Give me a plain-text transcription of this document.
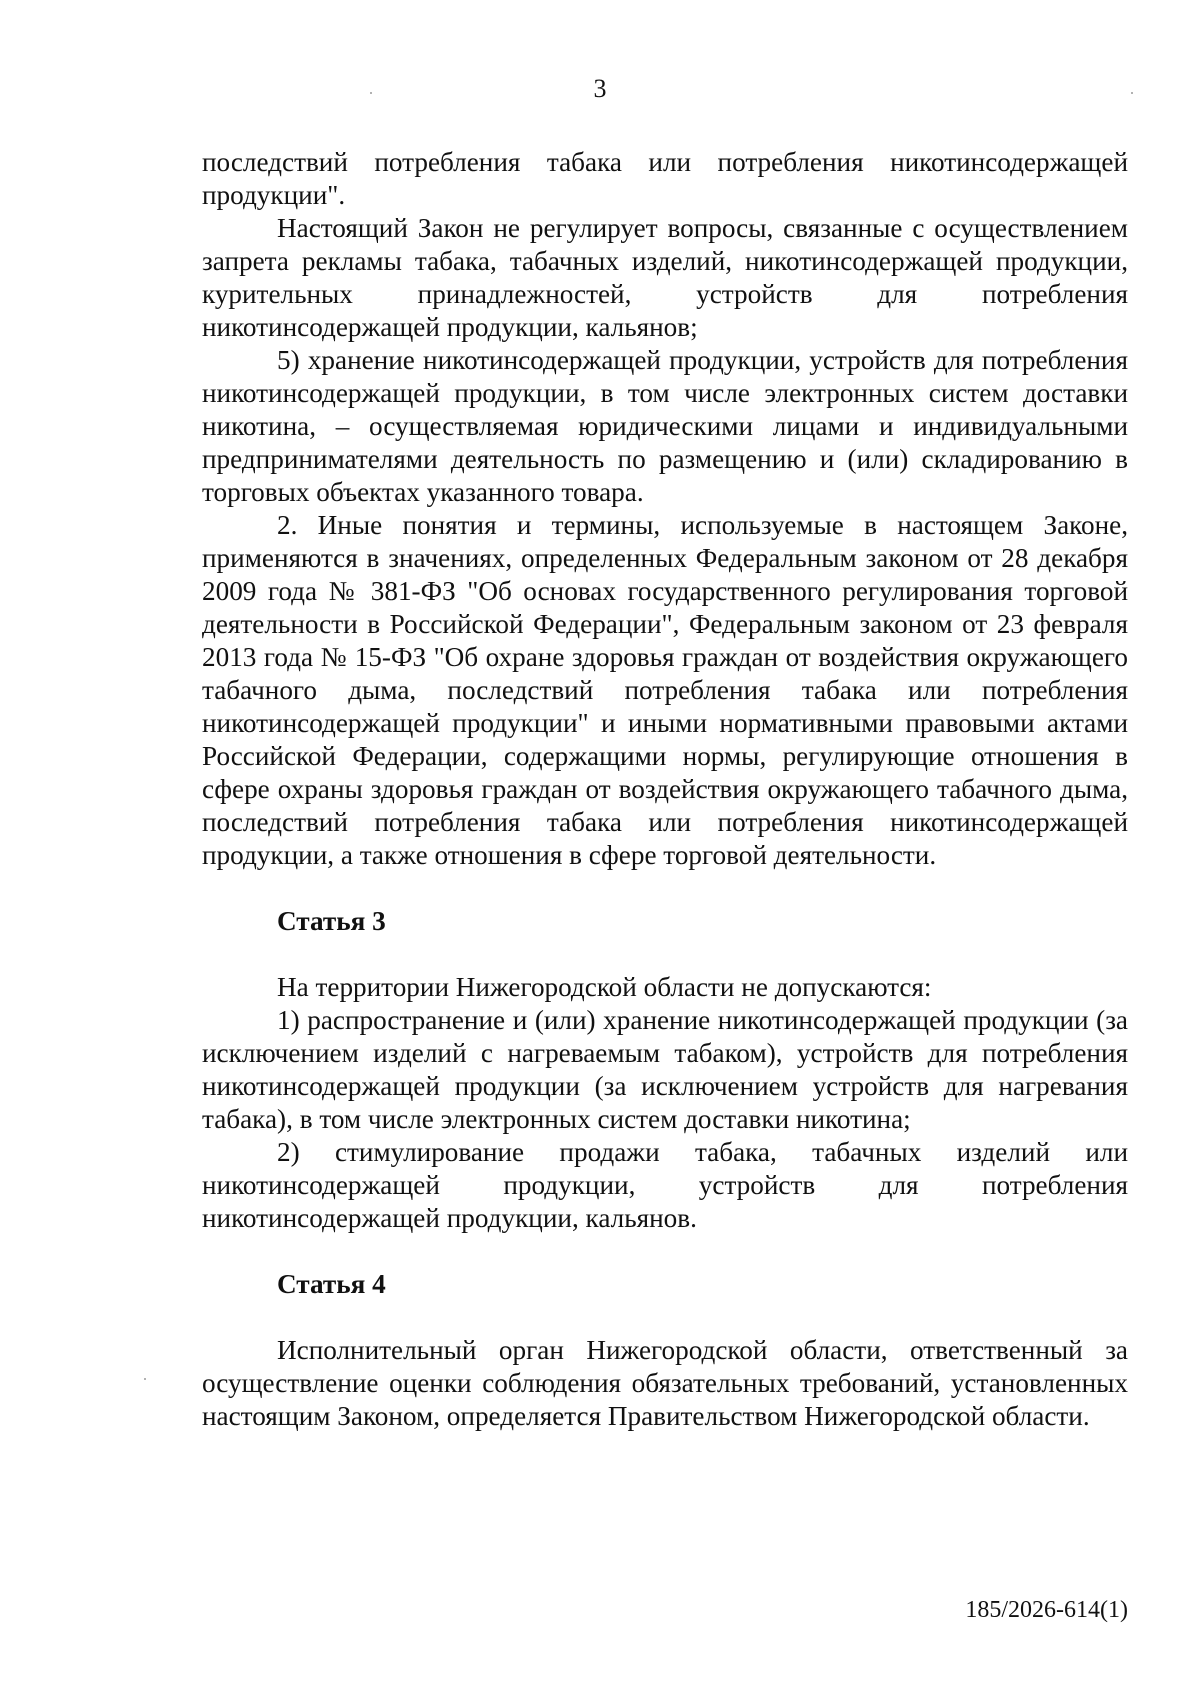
3

последствий потребления табака или потребления никотинсодержащей продукции".

Настоящий Закон не регулирует вопросы, связанные с осуществлением запрета рекламы табака, табачных изделий, никотинсодержащей продукции, курительных принадлежностей, устройств для потребления никотинсодержащей продукции, кальянов;

5) хранение никотинсодержащей продукции, устройств для потребления никотинсодержащей продукции, в том числе электронных систем доставки никотина, – осуществляемая юридическими лицами и индивидуальными предпринимателями деятельность по размещению и (или) складированию в торговых объектах указанного товара.

2. Иные понятия и термины, используемые в настоящем Законе, применяются в значениях, определенных Федеральным законом от 28 декабря 2009 года № 381-ФЗ "Об основах государственного регулирования торговой деятельности в Российской Федерации", Федеральным законом от 23 февраля 2013 года № 15-ФЗ "Об охране здоровья граждан от воздействия окружающего табачного дыма, последствий потребления табака или потребления никотинсодержащей продукции" и иными нормативными правовыми актами Российской Федерации, содержащими нормы, регулирующие отношения в сфере охраны здоровья граждан от воздействия окружающего табачного дыма, последствий потребления табака или потребления никотинсодержащей продукции, а также отношения в сфере торговой деятельности.

Статья 3

На территории Нижегородской области не допускаются:

1) распространение и (или) хранение никотинсодержащей продукции (за исключением изделий с нагреваемым табаком), устройств для потребления никотинсодержащей продукции (за исключением устройств для нагревания табака), в том числе электронных систем доставки никотина;

2) стимулирование продажи табака, табачных изделий или никотинсодержащей продукции, устройств для потребления никотинсодержащей продукции, кальянов.

Статья 4

Исполнительный орган Нижегородской области, ответственный за осуществление оценки соблюдения обязательных требований, установленных настоящим Законом, определяется Правительством Нижегородской области.

185/2026-614(1)
